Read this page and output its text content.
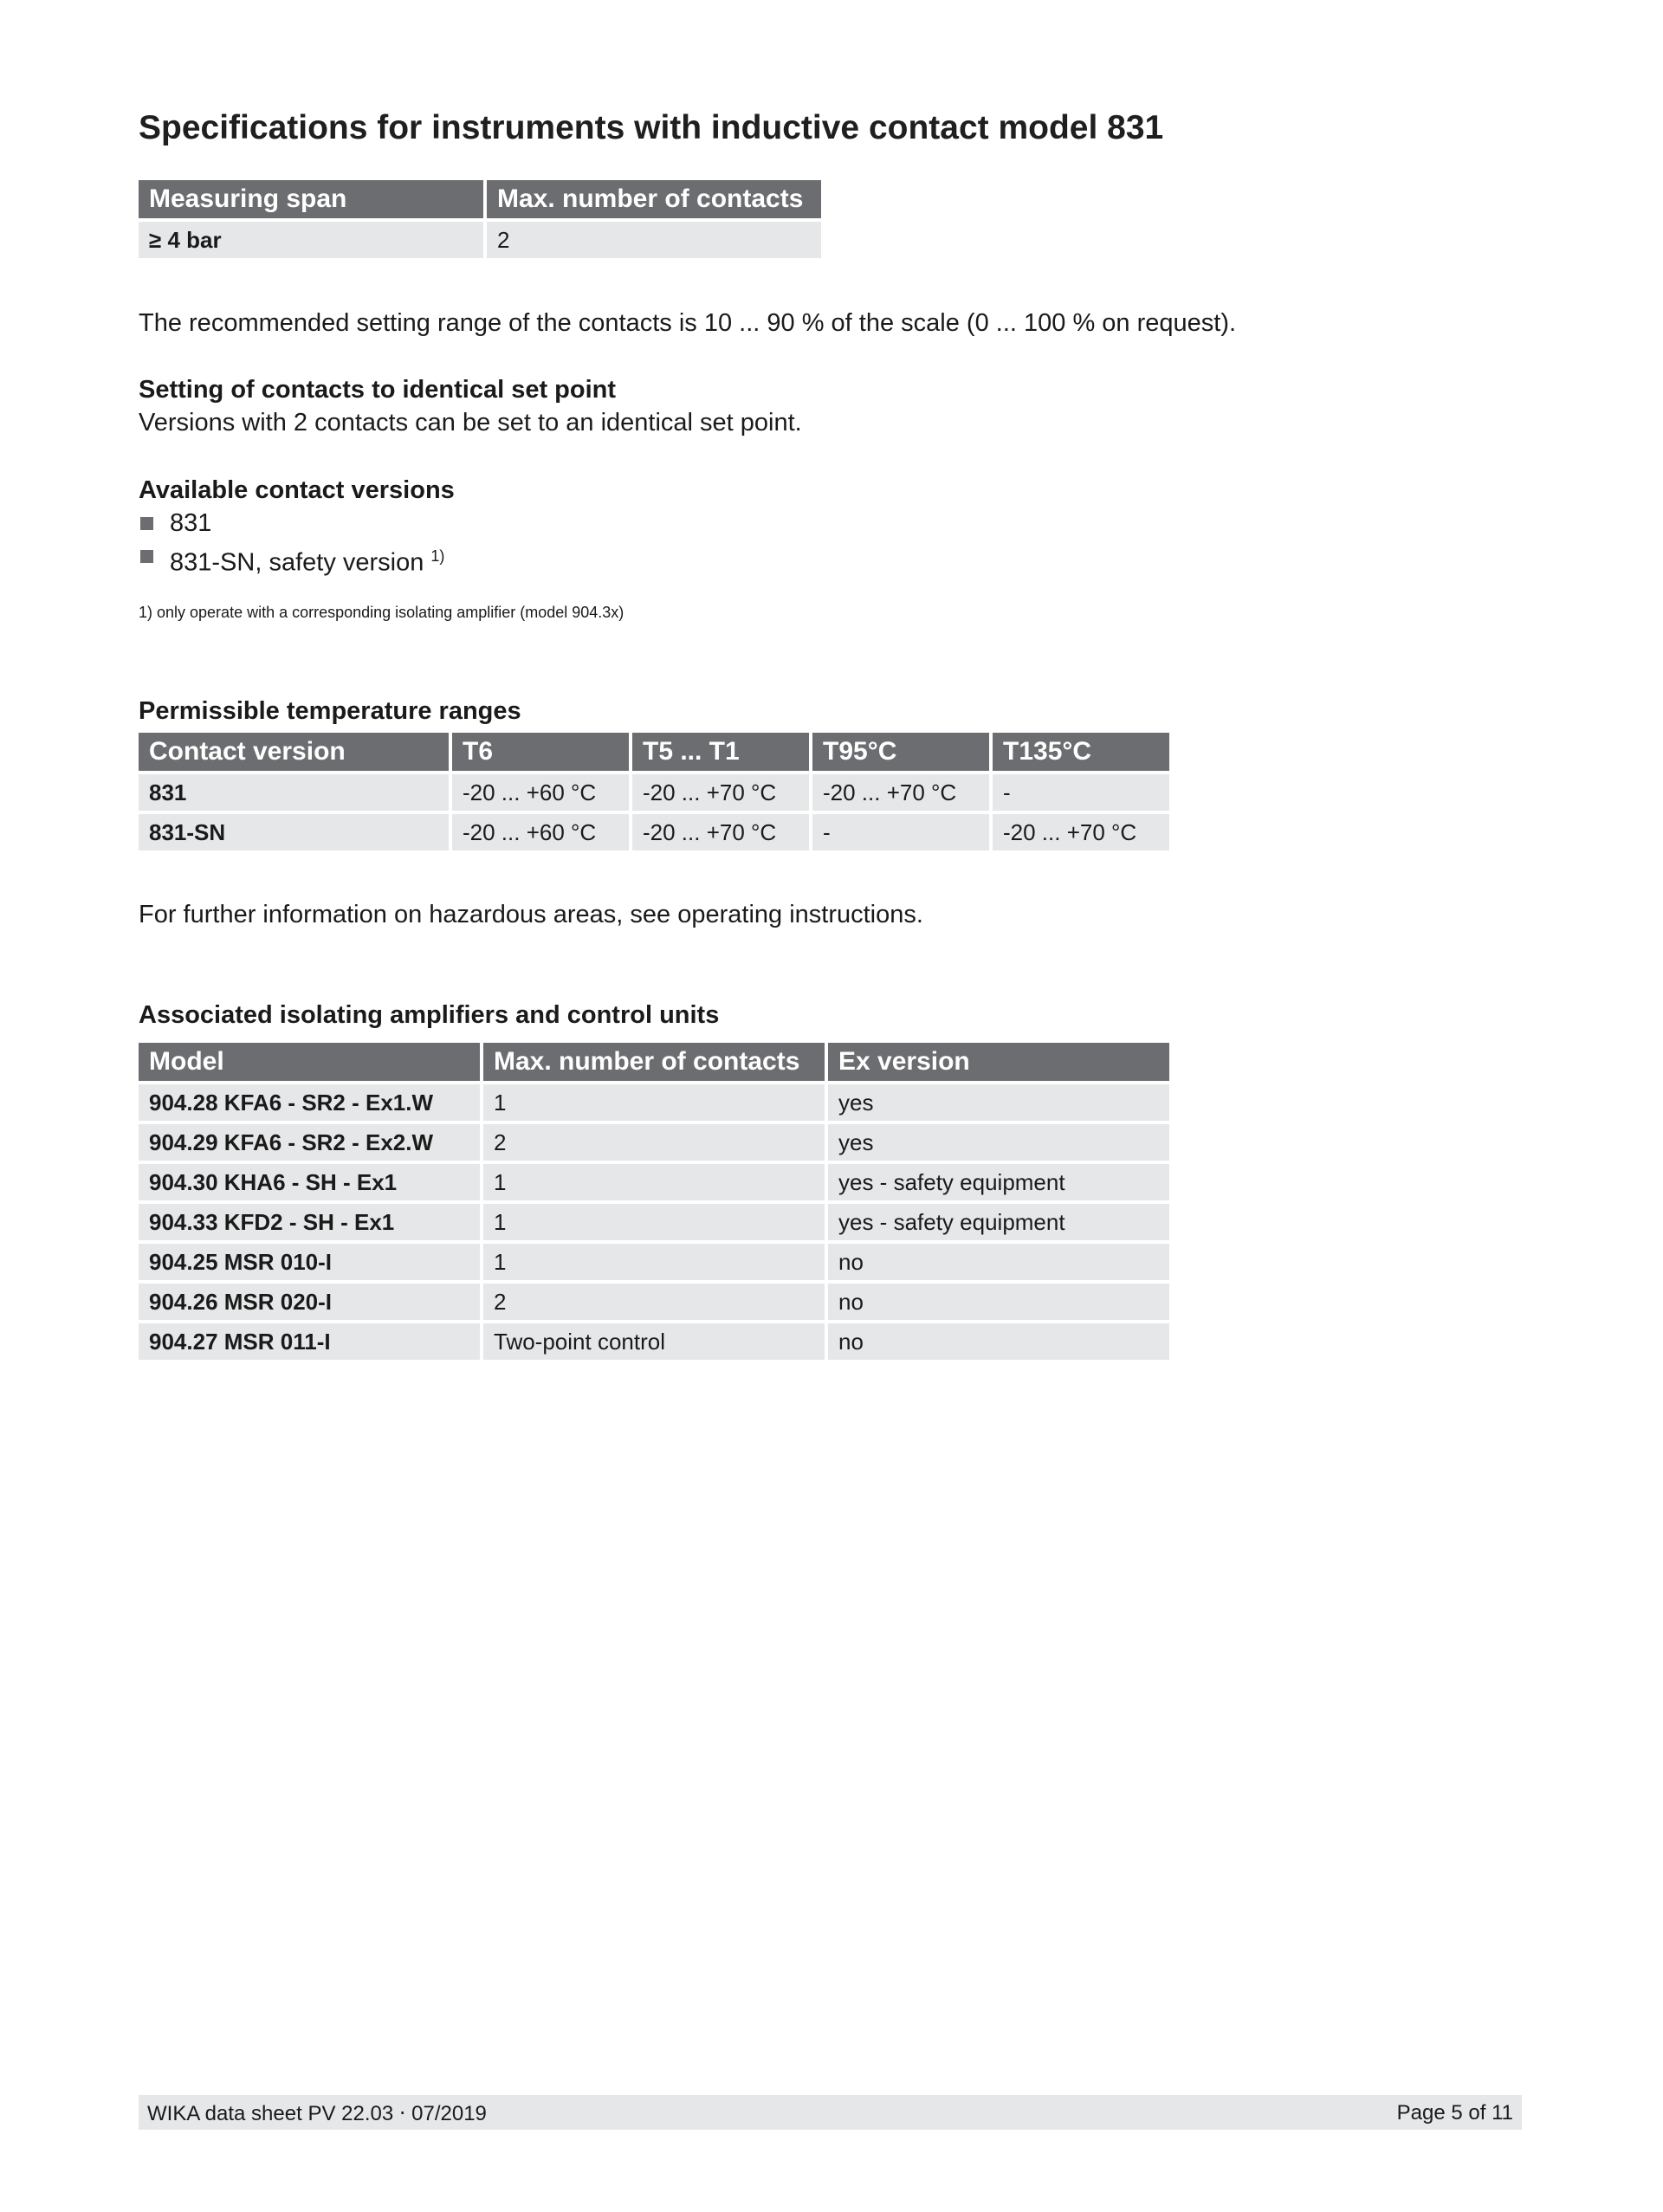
Specifications for instruments with inductive contact model 831
Measuring span	Max. number of contacts
≥ 4 bar	2
The recommended setting range of the contacts is 10 ... 90 % of the scale (0 ... 100 % on request).
Setting of contacts to identical set point
Versions with 2 contacts can be set to an identical set point.
Available contact versions
831
831-SN, safety version $^{1)}$
1) only operate with a corresponding isolating amplifier (model 904.3x)
Permissible temperature ranges
Contact version	T6	T5 ... T1	T95°C	T135°C
831	-20 ... +60 °C	-20 ... +70 °C	-20 ... +70 °C	-
831-SN	-20 ... +60 °C	-20 ... +70 °C	-	-20 ... +70 °C
For further information on hazardous areas, see operating instructions.
Associated isolating amplifiers and control units
Model	Max. number of contacts	Ex version
904.28 KFA6 - SR2 - Ex1.W	1	yes
904.29 KFA6 - SR2 - Ex2.W	2	yes
904.30 KHA6 - SH - Ex1	1	yes - safety equipment
904.33 KFD2 - SH - Ex1	1	yes - safety equipment
904.25 MSR 010-I	1	no
904.26 MSR 020-I	2	no
904.27 MSR 011-I	Two-point control	no
WIKA data sheet PV 22.03 ⋅ 07/2019	Page 5 of 11
